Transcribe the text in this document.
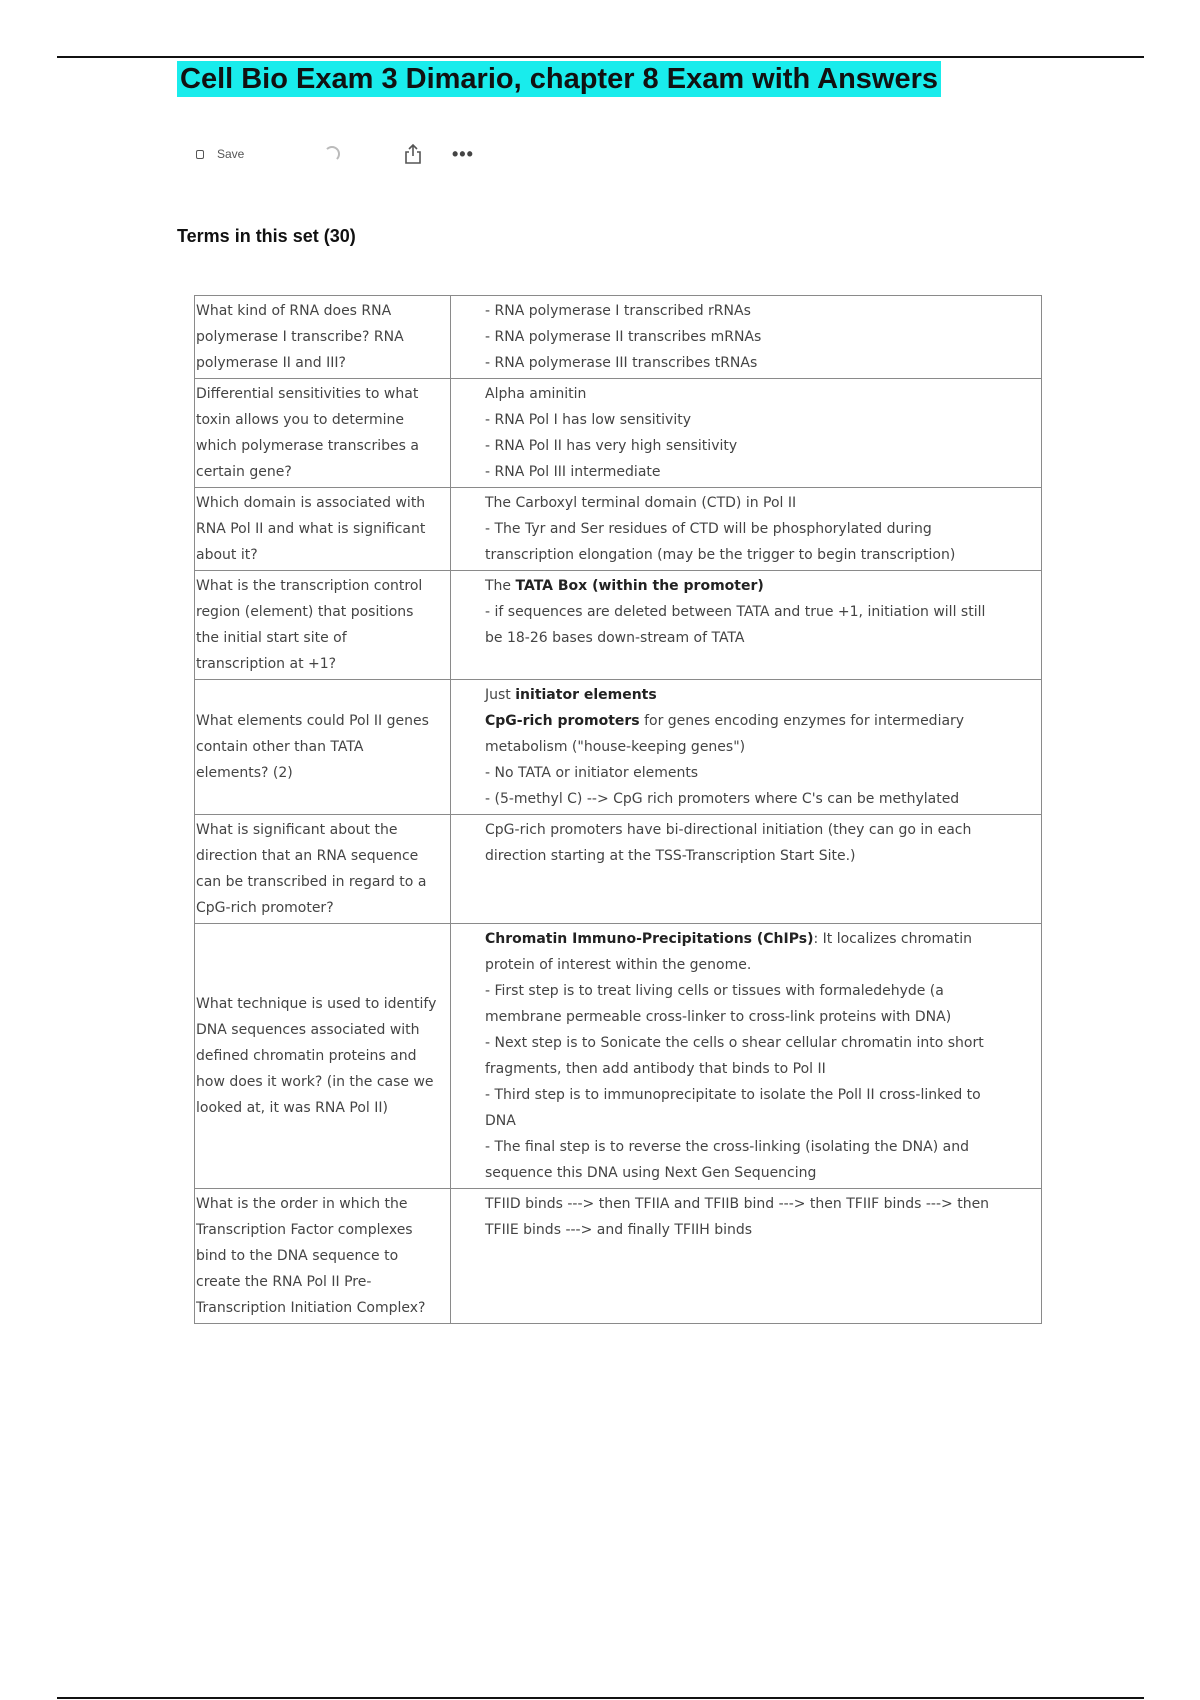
Cell Bio Exam 3 Dimario, chapter 8 Exam with Answers
Save	•••
Terms in this set (30)
What kind of RNA does RNA polymerase I transcribe? RNA polymerase II and III?	- RNA polymerase I transcribed rRNAs
- RNA polymerase II transcribes mRNAs
- RNA polymerase III transcribes tRNAs

Differential sensitivities to what toxin allows you to determine which polymerase transcribes a certain gene?	Alpha aminitin
- RNA Pol I has low sensitivity
- RNA Pol II has very high sensitivity
- RNA Pol III intermediate

Which domain is associated with RNA Pol II and what is significant about it?	The Carboxyl terminal domain (CTD) in Pol II
- The Tyr and Ser residues of CTD will be phosphorylated during transcription elongation (may be the trigger to begin transcription)

What is the transcription control region (element) that positions the initial start site of transcription at +1?	The TATA Box (within the promoter)
- if sequences are deleted between TATA and true +1, initiation will still be 18-26 bases down-stream of TATA

What elements could Pol II genes contain other than TATA elements? (2)	Just initiator elements
CpG-rich promoters for genes encoding enzymes for intermediary metabolism ("house-keeping genes")
- No TATA or initiator elements
- (5-methyl C) --> CpG rich promoters where C's can be methylated

What is significant about the direction that an RNA sequence can be transcribed in regard to a CpG-rich promoter?	CpG-rich promoters have bi-directional initiation (they can go in each direction starting at the TSS-Transcription Start Site.)

What technique is used to identify DNA sequences associated with defined chromatin proteins and how does it work? (in the case we looked at, it was RNA Pol II)	Chromatin Immuno-Precipitations (ChIPs): It localizes chromatin protein of interest within the genome.
- First step is to treat living cells or tissues with formaledehyde (a membrane permeable cross-linker to cross-link proteins with DNA)
- Next step is to Sonicate the cells o shear cellular chromatin into short fragments, then add antibody that binds to Pol II
- Third step is to immunoprecipitate to isolate the Poll II cross-linked to DNA
- The final step is to reverse the cross-linking (isolating the DNA) and sequence this DNA using Next Gen Sequencing

What is the order in which the Transcription Factor complexes bind to the DNA sequence to create the RNA Pol II Pre-Transcription Initiation Complex?	TFIID binds ---> then TFIIA and TFIIB bind ---> then TFIIF binds ---> then TFIIE binds ---> and finally TFIIH binds
